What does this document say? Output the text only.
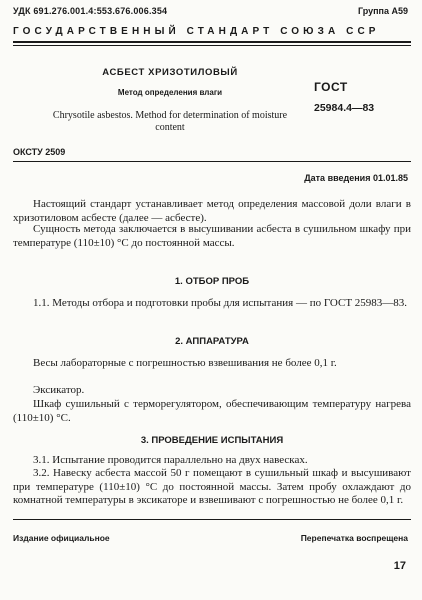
УДК 691.276.001.4:553.676.006.354	Группа А59
ГОСУДАРСТВЕННЫЙ СТАНДАРТ СОЮЗА ССР
АСБЕСТ ХРИЗОТИЛОВЫЙ
Метод определения влаги
Chrysotile asbestos. Method for determination of moisture content
ГОСТ
25984.4—83
ОКСТУ 2509
Дата введения 01.01.85
Настоящий стандарт устанавливает метод определения массовой доли влаги в хризотиловом асбесте (далее — асбесте).
Сущность метода заключается в высушивании асбеста в сушильном шкафу при температуре (110±10) °С до постоянной массы.
1. ОТБОР ПРОБ
1.1. Методы отбора и подготовки пробы для испытания — по ГОСТ 25983—83.
2. АППАРАТУРА
Весы лабораторные с погрешностью взвешивания не более 0,1 г.
Эксикатор.
Шкаф сушильный с терморегулятором, обеспечивающим температуру нагрева (110±10) °С.
3. ПРОВЕДЕНИЕ ИСПЫТАНИЯ
3.1. Испытание проводится параллельно на двух навесках.
3.2. Навеску асбеста массой 50 г помещают в сушильный шкаф и высушивают при температуре (110±10) °С до постоянной массы. Затем пробу охлаждают до комнатной температуры в эксикаторе и взвешивают с погрешностью не более 0,1 г.
Издание официальное	Перепечатка воспрещена
17
